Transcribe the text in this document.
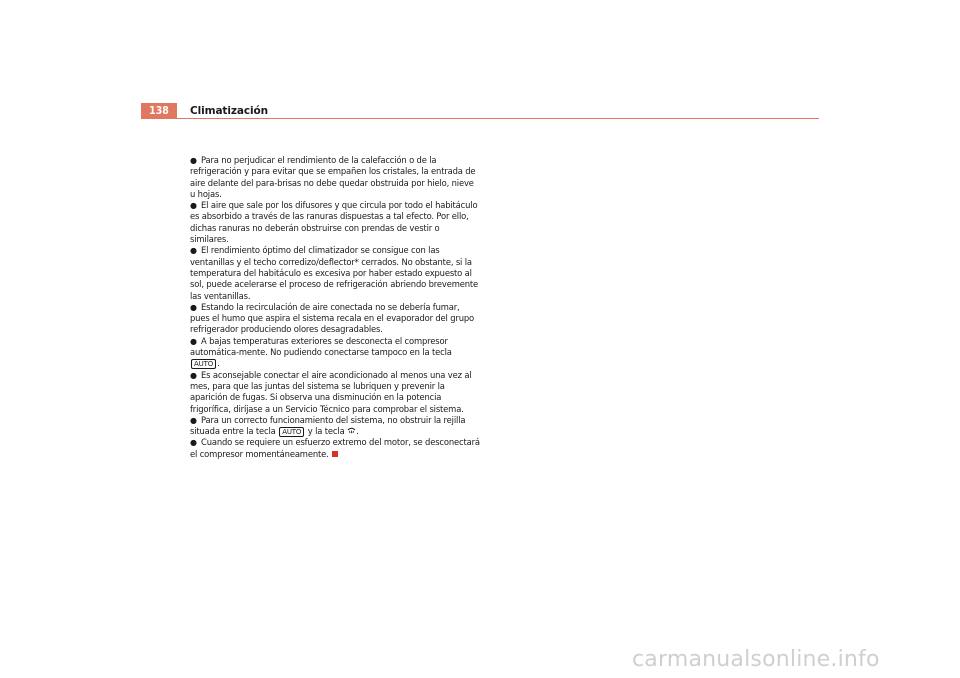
138	Climatización

● Para no perjudicar el rendimiento de la calefacción o de la refrigeración y para evitar que se empañen los cristales, la entrada de aire delante del para-brisas no debe quedar obstruida por hielo, nieve u hojas.

● El aire que sale por los difusores y que circula por todo el habitáculo es absorbido a través de las ranuras dispuestas a tal efecto. Por ello, dichas ranuras no deberán obstruirse con prendas de vestir o similares.

● El rendimiento óptimo del climatizador se consigue con las ventanillas y el techo corredizo/deflector* cerrados. No obstante, si la temperatura del habitáculo es excesiva por haber estado expuesto al sol, puede acelerarse el proceso de refrigeración abriendo brevemente las ventanillas.

● Estando la recirculación de aire conectada no se debería fumar, pues el humo que aspira el sistema recala en el evaporador del grupo refrigerador produciendo olores desagradables.

● A bajas temperaturas exteriores se desconecta el compresor automática-mente. No pudiendo conectarse tampoco en la tecla AUTO .

● Es aconsejable conectar el aire acondicionado al menos una vez al mes, para que las juntas del sistema se lubriquen y prevenir la aparición de fugas. Si observa una disminución en la potencia frigorífica, diríjase a un Servicio Técnico para comprobar el sistema.

● Para un correcto funcionamiento del sistema, no obstruir la rejilla situada entre la tecla AUTO y la tecla .

● Cuando se requiere un esfuerzo extremo del motor, se desconectará el compresor momentáneamente.

carmanualsonline.info
